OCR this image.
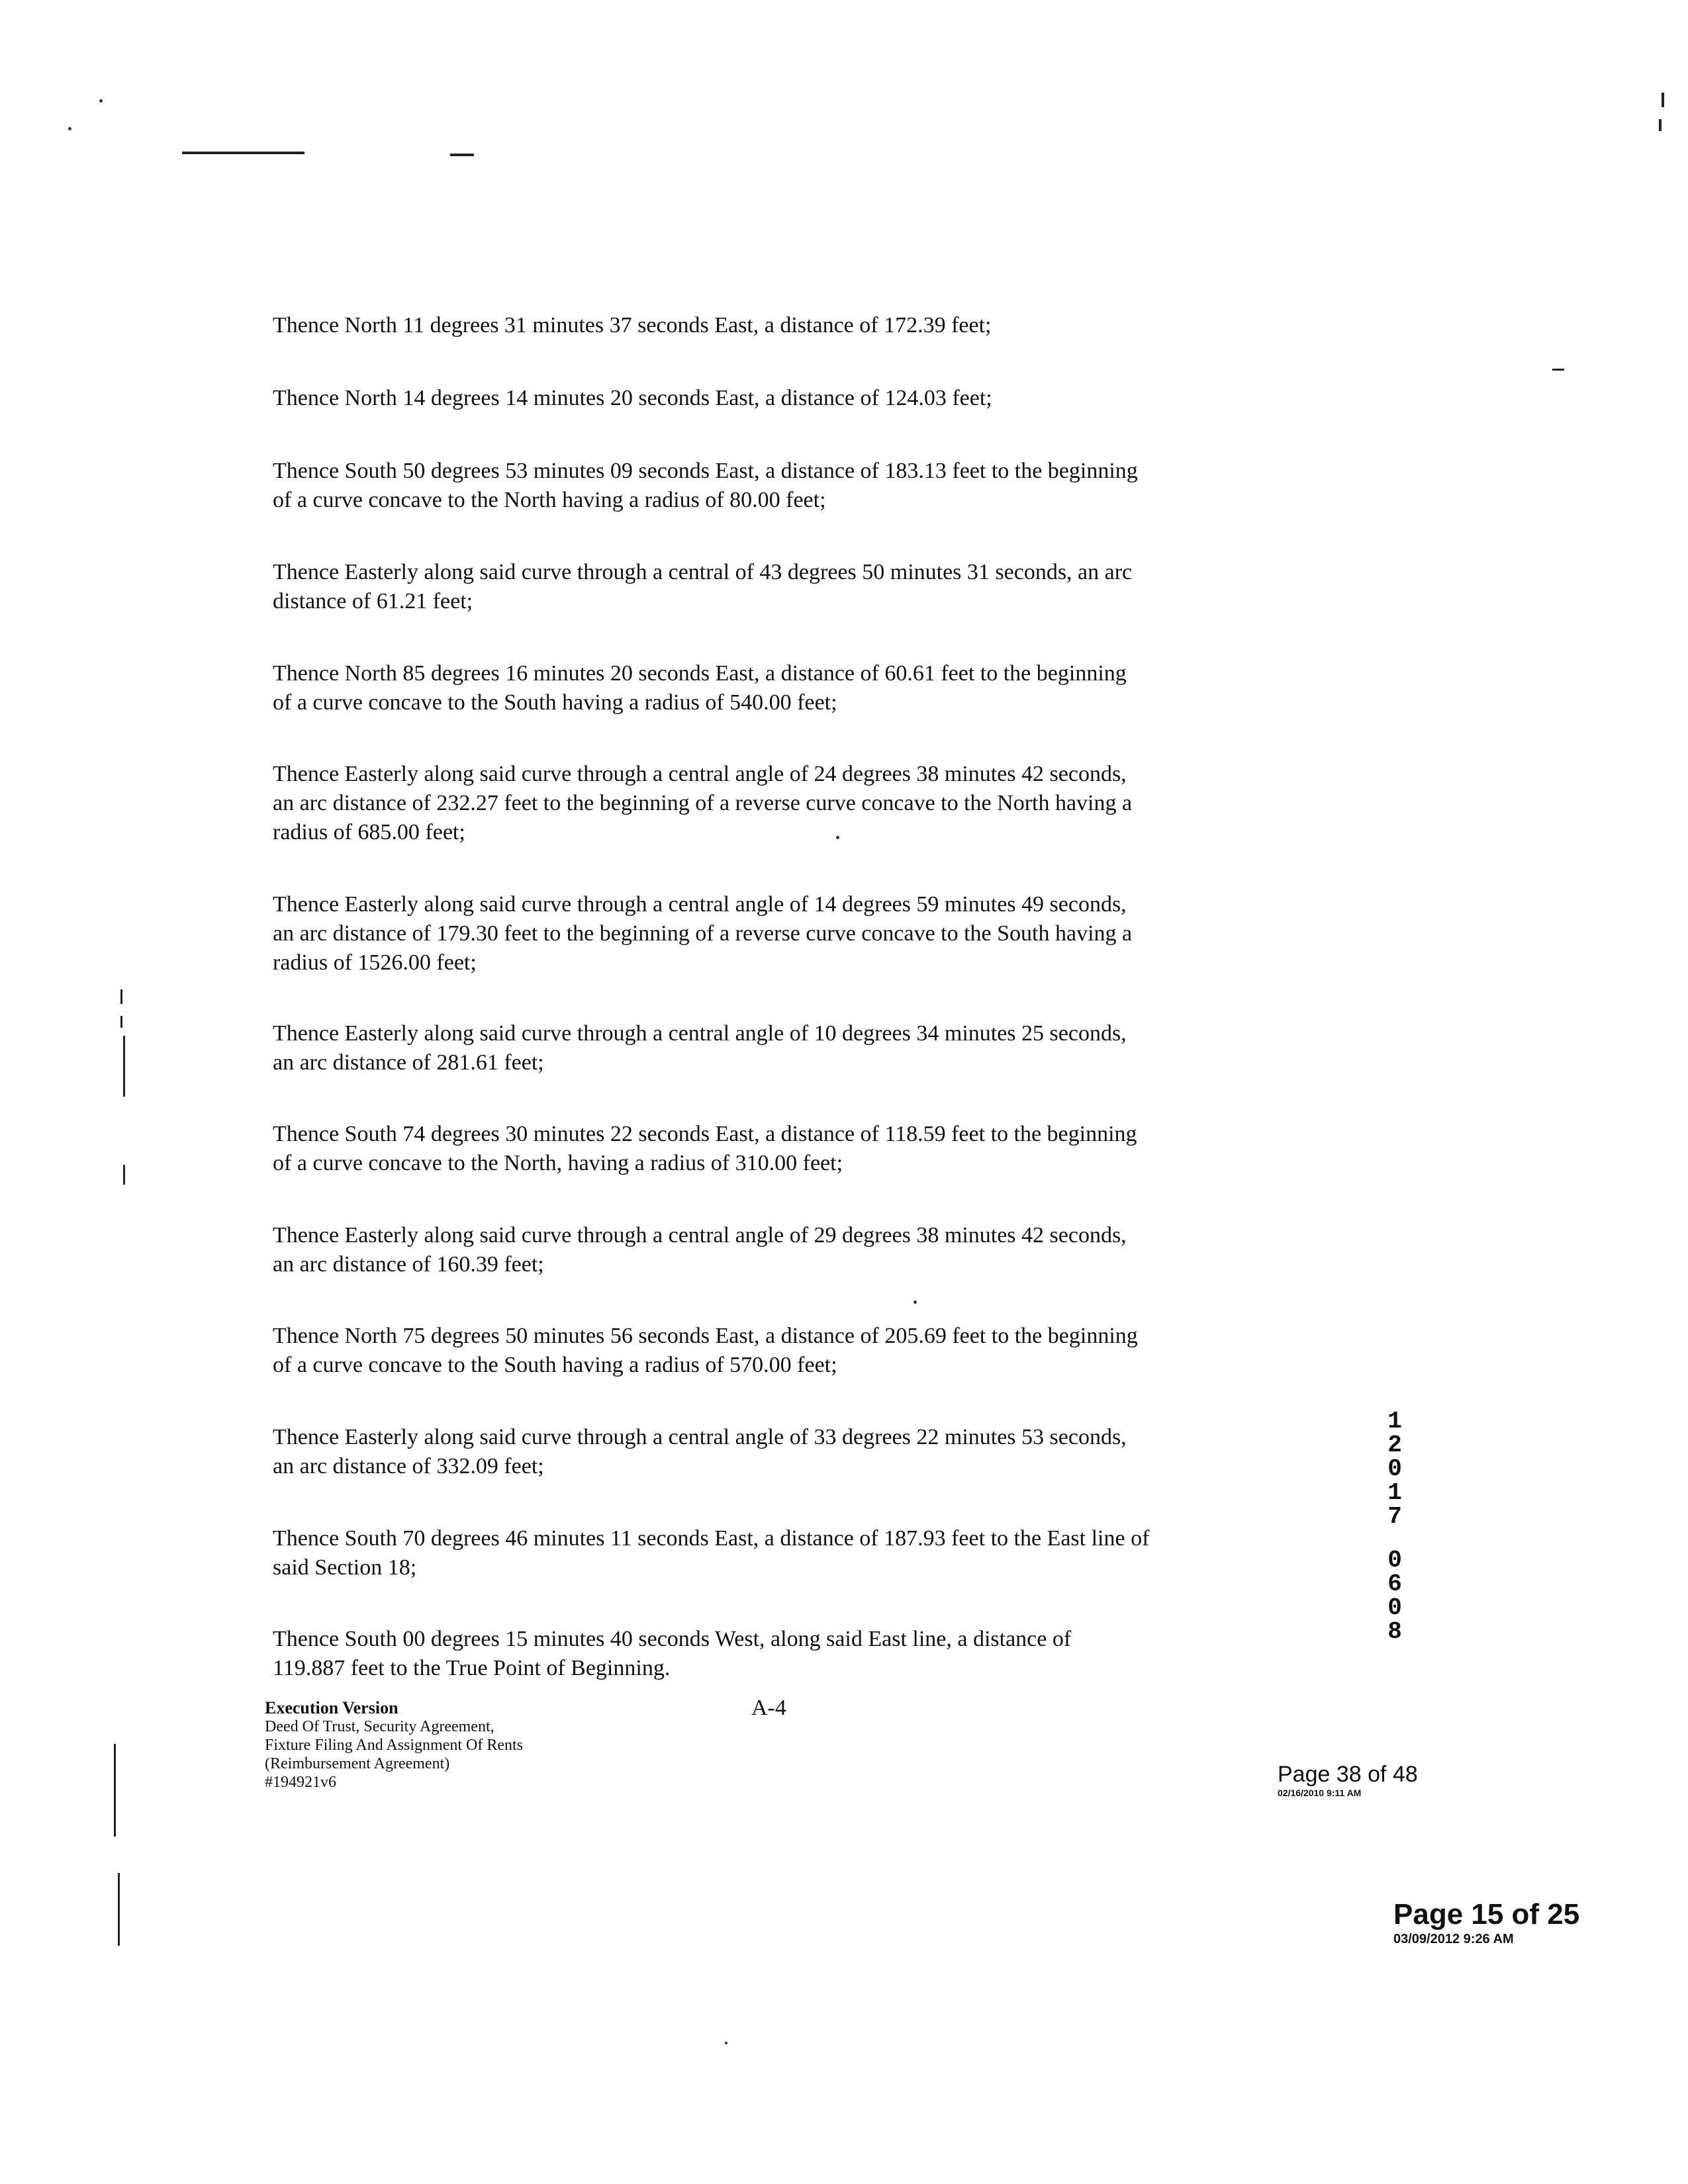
Thence North 11 degrees 31 minutes 37 seconds East, a distance of 172.39 feet;
Thence North 14 degrees 14 minutes 20 seconds East, a distance of 124.03 feet;
Thence South 50 degrees 53 minutes 09 seconds East, a distance of 183.13 feet to the beginning
of a curve concave to the North having a radius of 80.00 feet;
Thence Easterly along said curve through a central of 43 degrees 50 minutes 31 seconds, an arc
distance of 61.21 feet;
Thence North 85 degrees 16 minutes 20 seconds East, a distance of 60.61 feet to the beginning
of a curve concave to the South having a radius of 540.00 feet;
Thence Easterly along said curve through a central angle of 24 degrees 38 minutes 42 seconds,
an arc distance of 232.27 feet to the beginning of a reverse curve concave to the North having a
radius of 685.00 feet;
Thence Easterly along said curve through a central angle of 14 degrees 59 minutes 49 seconds,
an arc distance of 179.30 feet to the beginning of a reverse curve concave to the South having a
radius of 1526.00 feet;
Thence Easterly along said curve through a central angle of 10 degrees 34 minutes 25 seconds,
an arc distance of 281.61 feet;
Thence South 74 degrees 30 minutes 22 seconds East, a distance of 118.59 feet to the beginning
of a curve concave to the North, having a radius of 310.00 feet;
Thence Easterly along said curve through a central angle of 29 degrees 38 minutes 42 seconds,
an arc distance of 160.39 feet;
Thence North 75 degrees 50 minutes 56 seconds East, a distance of 205.69 feet to the beginning
of a curve concave to the South having a radius of 570.00 feet;
Thence Easterly along said curve through a central angle of 33 degrees 22 minutes 53 seconds,
an arc distance of 332.09 feet;
Thence South 70 degrees 46 minutes 11 seconds East, a distance of 187.93 feet to the East line of
said Section 18;
Thence South 00 degrees 15 minutes 40 seconds West, along said East line, a distance of
119.887 feet to the True Point of Beginning.
1
2
0
1
7
0
6
0
8
Execution Version
Deed Of Trust, Security Agreement,
Fixture Filing And Assignment Of Rents
(Reimbursement Agreement)
#194921v6
A-4
Page 38 of 48
02/16/2010 9:11 AM
Page 15 of 25
03/09/2012 9:26 AM
